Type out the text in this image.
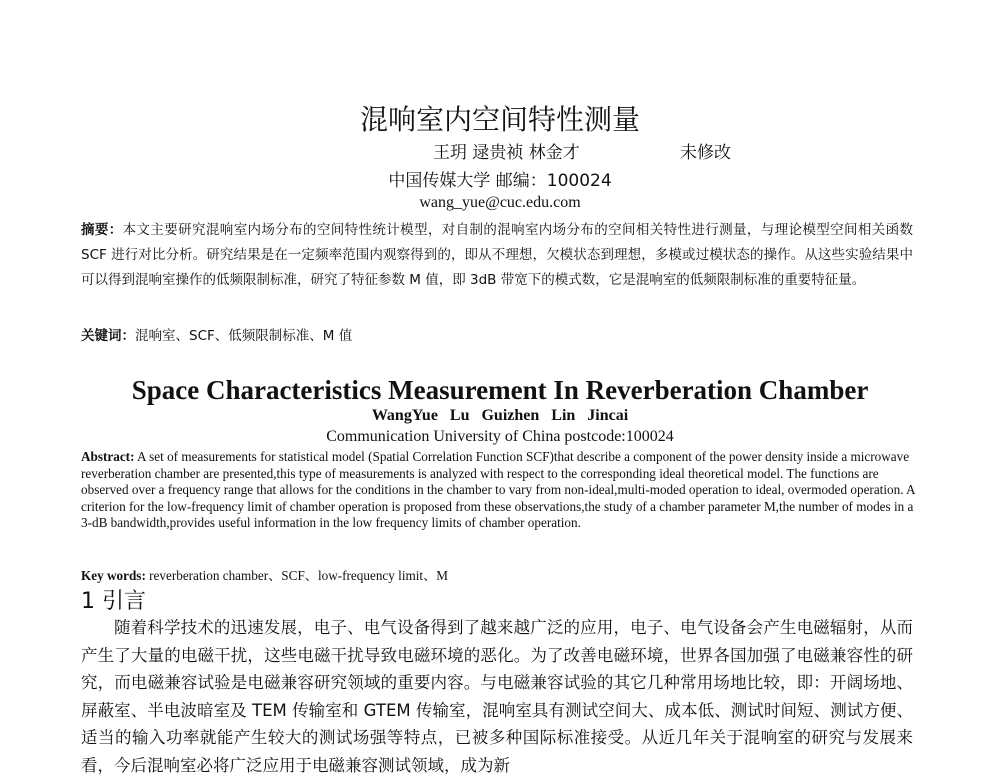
混响室内空间特性测量
王玥 逯贵祯 林金才	未修改
中国传媒大学 邮编：100024
wang_yue@cuc.edu.com
摘要：本文主要研究混响室内场分布的空间特性统计模型，对自制的混响室内场分布的空间相关特性进行测量，与理论模型空间相关函数 SCF 进行对比分析。研究结果是在一定频率范围内观察得到的，即从不理想，欠模状态到理想，多模或过模状态的操作。从这些实验结果中可以得到混响室操作的低频限制标准，研究了特征参数 M 值，即 3dB 带宽下的模式数，它是混响室的低频限制标准的重要特征量。
关键词：混响室、SCF、低频限制标准、M 值
Space Characteristics Measurement In Reverberation Chamber
WangYue Lu Guizhen Lin Jincai
Communication University of China postcode:100024
Abstract: A set of measurements for statistical model (Spatial Correlation Function SCF)that describe a component of the power density inside a microwave reverberation chamber are presented,this type of measurements is analyzed with respect to the corresponding ideal theoretical model. The functions are observed over a frequency range that allows for the conditions in the chamber to vary from non-ideal,multi-moded operation to ideal, overmoded operation. A criterion for the low-frequency limit of chamber operation is proposed from these observations,the study of a chamber parameter M,the number of modes in a 3-dB bandwidth,provides useful information in the low frequency limits of chamber operation.
Key words: reverberation chamber、SCF、low-frequency limit、M
1 引言
随着科学技术的迅速发展，电子、电气设备得到了越来越广泛的应用，电子、电气设备会产生电磁辐射，从而产生了大量的电磁干扰，这些电磁干扰导致电磁环境的恶化。为了改善电磁环境，世界各国加强了电磁兼容性的研究，而电磁兼容试验是电磁兼容研究领域的重要内容。与电磁兼容试验的其它几种常用场地比较，即：开阔场地、屏蔽室、半电波暗室及 TEM 传输室和 GTEM 传输室，混响室具有测试空间大、成本低、测试时间短、测试方便、适当的输入功率就能产生较大的测试场强等特点，已被多种国际标准接受。从近几年关于混响室的研究与发展来看，今后混响室必将广泛应用于电磁兼容测试领域，成为新
